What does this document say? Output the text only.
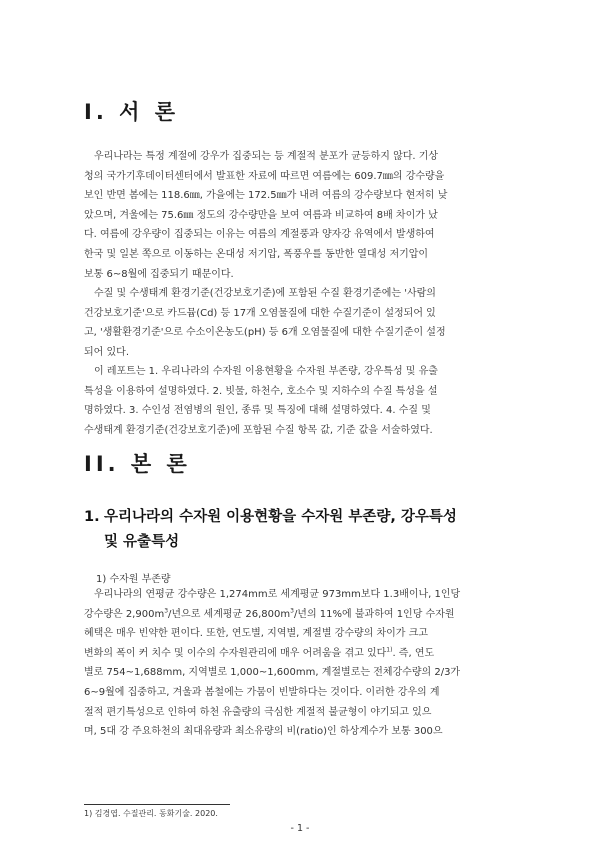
I. 서 론
우리나라는 특정 계절에 강우가 집중되는 등 계절적 분포가 균등하지 않다. 기상
청의 국가기후데이터센터에서 발표한 자료에 따르면 여름에는 609.7㎜의 강수량을
보인 반면 봄에는 118.6㎜, 가을에는 172.5㎜가 내려 여름의 강수량보다 현저히 낮
았으며, 겨울에는 75.6㎜ 정도의 강수량만을 보여 여름과 비교하여 8배 차이가 났
다. 여름에 강우량이 집중되는 이유는 여름의 계절풍과 양자강 유역에서 발생하여
한국 및 일본 쪽으로 이동하는 온대성 저기압, 폭풍우를 동반한 열대성 저기압이
보통 6~8월에 집중되기 때문이다.
수질 및 수생태계 환경기준(건강보호기준)에 포함된 수질 환경기준에는 '사람의
건강보호기준'으로 카드뮴(Cd) 등 17개 오염물질에 대한 수질기준이 설정되어 있
고, '생활환경기준'으로 수소이온농도(pH) 등 6개 오염물질에 대한 수질기준이 설정
되어 있다.
이 레포트는 1. 우리나라의 수자원 이용현황을 수자원 부존량, 강우특성 및 유출
특성을 이용하여 설명하였다. 2. 빗물, 하천수, 호소수 및 지하수의 수질 특성을 설
명하였다. 3. 수인성 전염병의 원인, 종류 및 특징에 대해 설명하였다. 4. 수질 및
수생태계 환경기준(건강보호기준)에 포함된 수질 항목 값, 기준 값을 서술하였다.
II. 본 론
1. 우리나라의 수자원 이용현황을 수자원 부존량, 강우특성
및 유출특성
1) 수자원 부존량
우리나라의 연평균 강수량은 1,274mm로 세계평균 973mm보다 1.3배이나, 1인당
강수량은 $2,900m^3/$년으로 세계평균 $26,800m^3/$년의 11%에 불과하여 1인당 수자원
혜택은 매우 빈약한 편이다. 또한, 연도별, 지역별, 계절별 강수량의 차이가 크고
변화의 폭이 커 치수 및 이수의 수자원관리에 매우 어려움을 겪고 있다$^{1)}$. 즉, 연도
별로 754~1,688mm, 지역별로 1,000~1,600mm, 계절별로는 전체강수량의 2/3가
6~9월에 집중하고, 겨울과 봄철에는 가뭄이 빈발하다는 것이다. 이러한 강우의 계
절적 편기특성으로 인하여 하천 유출량의 극심한 계절적 불균형이 야기되고 있으
며, 5대 강 주요하천의 최대유량과 최소유량의 비(ratio)인 하상계수가 보통 300으
1) 김경엽. 수질관리. 동화기술. 2020.
- 1 -
